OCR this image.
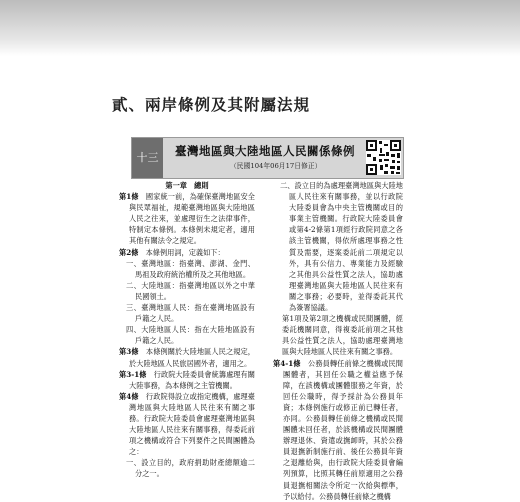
貳、兩岸條例及其附屬法規
十三	臺灣地區與大陸地區人民關係條例
（民國104年06月17日修正）
第一章　總則

第1條　 國家統一前，為確保臺灣地區安全與民眾福祉，規範臺灣地區與大陸地區人民之往來，並處理衍生之法律事件，特制定本條例。本條例未規定者，適用其他有關法令之規定。

第2條　 本條例用詞，定義如下：

一、臺灣地區：指臺灣、澎湖、金門、馬祖及政府統治權所及之其他地區。

二、大陸地區：指臺灣地區以外之中華民國領土。

三、臺灣地區人民：指在臺灣地區設有戶籍之人民。

四、大陸地區人民：指在大陸地區設有戶籍之人民。

第3條　 本條例關於大陸地區人民之規定，於大陸地區人民旅居國外者，適用之。

第3-1條　 行政院大陸委員會統籌處理有關大陸事務，為本條例之主管機關。

第4條　 行政院得設立或指定機構，處理臺灣地區與大陸地區人民往來有關之事務。行政院大陸委員會處理臺灣地區與大陸地區人民往來有關事務，得委託前項之機構或符合下列要件之民間團體為之：

一、設立目的，政府捐助財產總額逾二分之一。

二、設立目的為處理臺灣地區與大陸地區人民往來有關事務，並以行政院大陸委員會為中央主管機關或目的事業主管機關。行政院大陸委員會或第4-2條第1項經行政院同意之各該主管機關，得依所處理事務之性質及需要，逐案委託前二項規定以外，具有公信力、專業能力及經驗之其他具公益性質之法人，協助處理臺灣地區與大陸地區人民往來有關之事務；必要時，並得委託其代為簽署協議。

第1項及第2項之機構或民間團體，經委託機關同意，得複委託前項之其他具公益性質之法人，協助處理臺灣地區與大陸地區人民往來有關之事務。

第4-1條　 公務員轉任前條之機構或民間團體者，其回任公職之權益應予保障，在該機構或團體服務之年資，於回任公職時，得予採計為公務員年資；本條例施行或修正前已轉任者，亦同。公務員轉任前條之機構或民間團體未回任者，於該機構或民間團體辦理退休、資遣或撫卹時，其於公務員退撫新制施行前、後任公務員年資之退離給與，由行政院大陸委員會編列預算，比照其轉任前原適用之公務員退撫相關法令所定一次給與標準，予以給付。公務員轉任前條之機構
